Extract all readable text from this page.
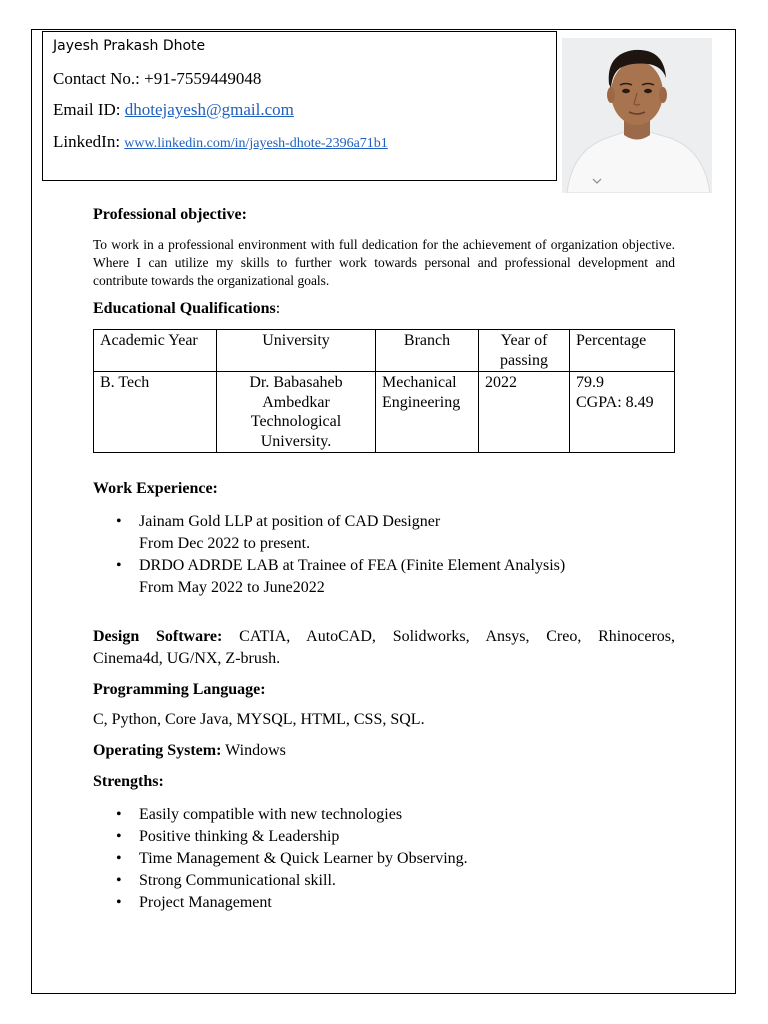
Jayesh Prakash Dhote
Contact No.: +91-7559449048
Email ID: dhotejayesh@gmail.com
LinkedIn: www.linkedin.com/in/jayesh-dhote-2396a71b1
Professional objective:
To work in a professional environment with full dedication for the achievement of organization objective. Where I can utilize my skills to further work towards personal and professional development and contribute towards the organizational goals.
Educational Qualifications:
Academic Year	University	Branch	Year of passing	Percentage
B. Tech	Dr. Babasaheb Ambedkar Technological University.	Mechanical Engineering	2022	79.9
CGPA: 8.49
Work Experience:
• Jainam Gold LLP at position of CAD Designer
From Dec 2022 to present.
• DRDO ADRDE LAB at Trainee of FEA (Finite Element Analysis)
From May 2022 to June2022
Design Software: CATIA, AutoCAD, Solidworks, Ansys, Creo, Rhinoceros,
Cinema4d, UG/NX, Z-brush.
Programming Language:
C, Python, Core Java, MYSQL, HTML, CSS, SQL.
Operating System: Windows
Strengths:
• Easily compatible with new technologies
• Positive thinking & Leadership
• Time Management & Quick Learner by Observing.
• Strong Communicational skill.
• Project Management
